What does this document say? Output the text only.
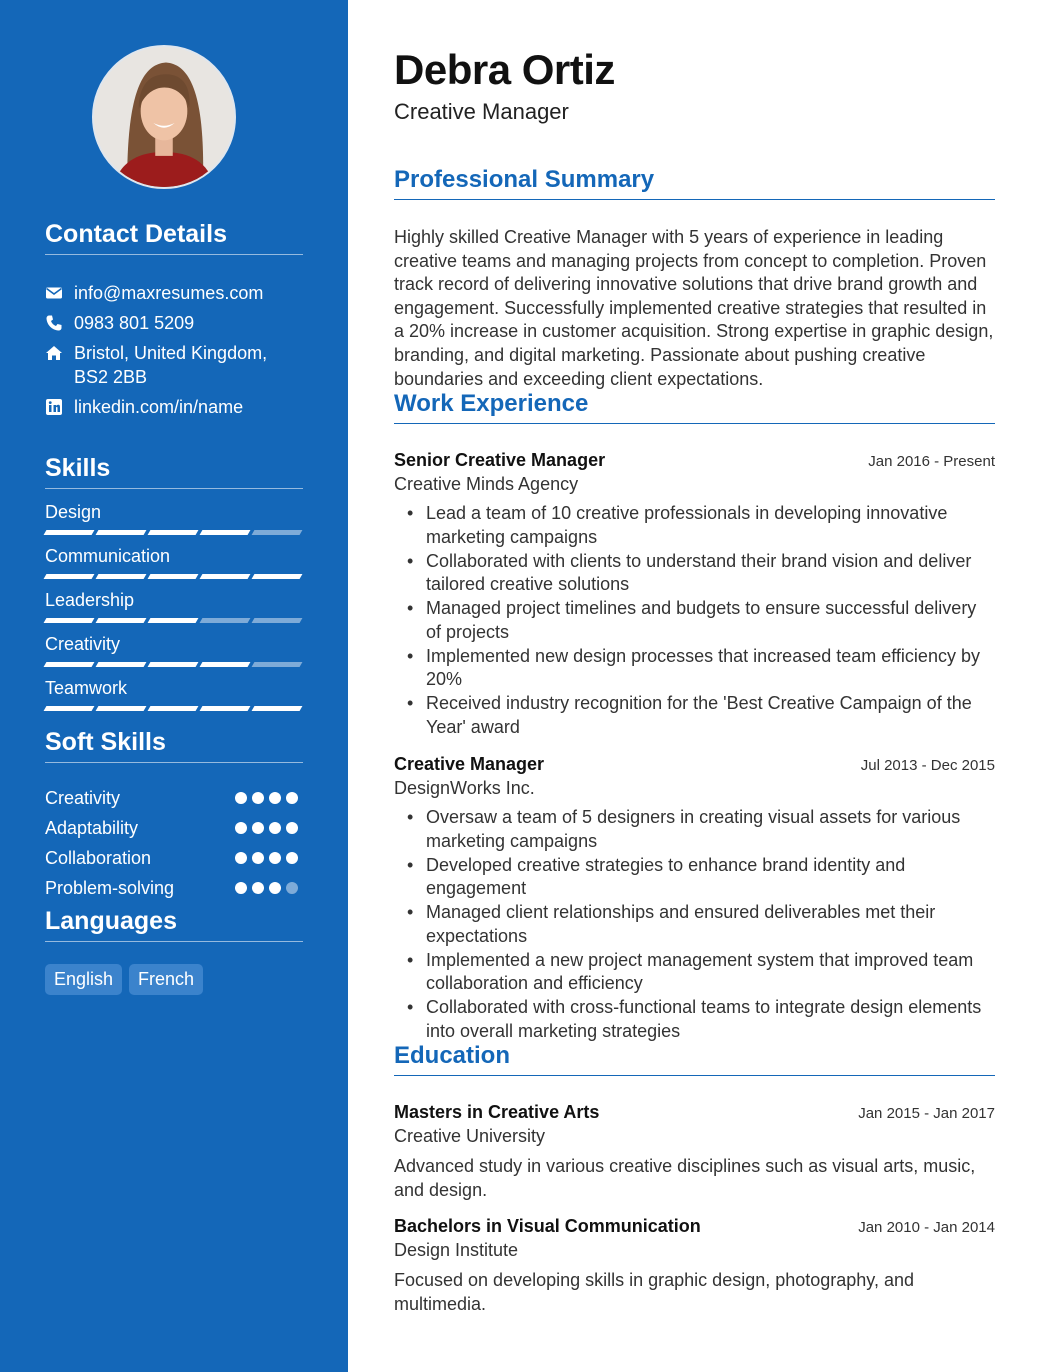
Contact Details
info@maxresumes.com
0983 801 5209
Bristol, United Kingdom, BS2 2BB
linkedin.com/in/name
Skills
Design
Communication
Leadership
Creativity
Teamwork
Soft Skills
Creativity
Adaptability
Collaboration
Problem-solving
Languages
English	French
Debra Ortiz
Creative Manager
Professional Summary

Highly skilled Creative Manager with 5 years of experience in leading creative teams and managing projects from concept to completion. Proven track record of delivering innovative solutions that drive brand growth and engagement. Successfully implemented creative strategies that resulted in a 20% increase in customer acquisition. Strong expertise in graphic design, branding, and digital marketing. Passionate about pushing creative boundaries and exceeding client expectations.

Work Experience
Senior Creative Manager	Jan 2016 - Present
Creative Minds Agency
• Lead a team of 10 creative professionals in developing innovative marketing campaigns
• Collaborated with clients to understand their brand vision and deliver tailored creative solutions
• Managed project timelines and budgets to ensure successful delivery of projects
• Implemented new design processes that increased team efficiency by 20%
• Received industry recognition for the 'Best Creative Campaign of the Year' award
Creative Manager	Jul 2013 - Dec 2015
DesignWorks Inc.
• Oversaw a team of 5 designers in creating visual assets for various marketing campaigns
• Developed creative strategies to enhance brand identity and engagement
• Managed client relationships and ensured deliverables met their expectations
• Implemented a new project management system that improved team collaboration and efficiency
• Collaborated with cross-functional teams to integrate design elements into overall marketing strategies
Education
Masters in Creative Arts	Jan 2015 - Jan 2017
Creative University

Advanced study in various creative disciplines such as visual arts, music, and design.

Bachelors in Visual Communication	Jan 2010 - Jan 2014
Design Institute

Focused on developing skills in graphic design, photography, and multimedia.
